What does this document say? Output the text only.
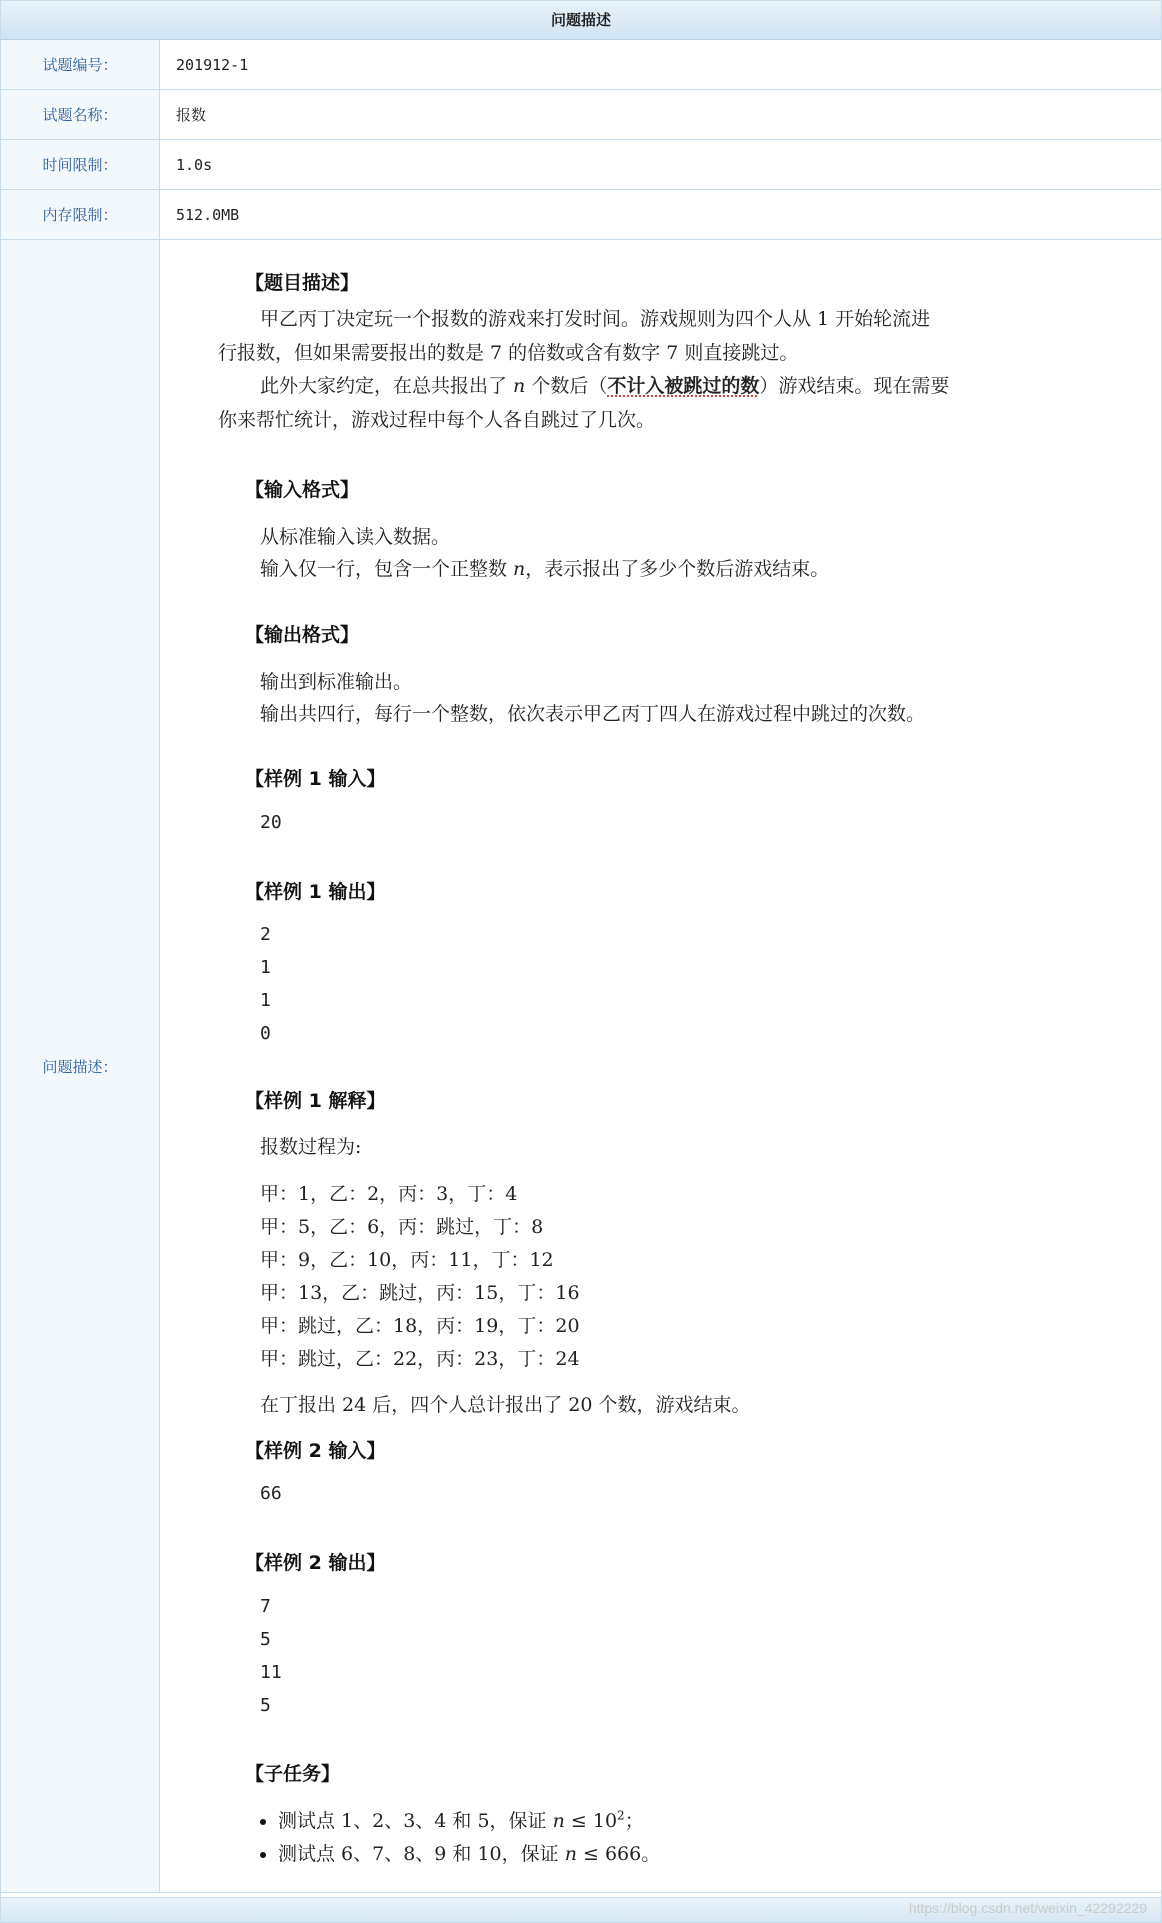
问题描述
试题编号：	201912-1
试题名称：	报数
时间限制：	1.0s
内存限制：	512.0MB
问题描述：
【题目描述】
甲乙丙丁决定玩一个报数的游戏来打发时间。游戏规则为四个人从 1 开始轮流进
行报数，但如果需要报出的数是 7 的倍数或含有数字 7 则直接跳过。
此外大家约定，在总共报出了 n 个数后（不计入被跳过的数）游戏结束。现在需要
你来帮忙统计，游戏过程中每个人各自跳过了几次。
【输入格式】
从标准输入读入数据。
输入仅一行，包含一个正整数 n，表示报出了多少个数后游戏结束。
【输出格式】
输出到标准输出。
输出共四行，每行一个整数，依次表示甲乙丙丁四人在游戏过程中跳过的次数。
【样例 1 输入】
20
【样例 1 输出】
2
1
1
0
【样例 1 解释】
报数过程为:
甲：1，乙：2，丙：3，丁：4
甲：5，乙：6，丙：跳过，丁：8
甲：9，乙：10，丙：11，丁：12
甲：13，乙：跳过，丙：15，丁：16
甲：跳过，乙：18，丙：19，丁：20
甲：跳过，乙：22，丙：23，丁：24
在丁报出 24 后，四个人总计报出了 20 个数，游戏结束。
【样例 2 输入】
66
【样例 2 输出】
7
5
11
5
【子任务】
测试点 1、2、3、4 和 5，保证 $n \le 10^2$；
测试点 6、7、8、9 和 10，保证 n ≤ 666。
https://blog.csdn.net/weixin_42292229
